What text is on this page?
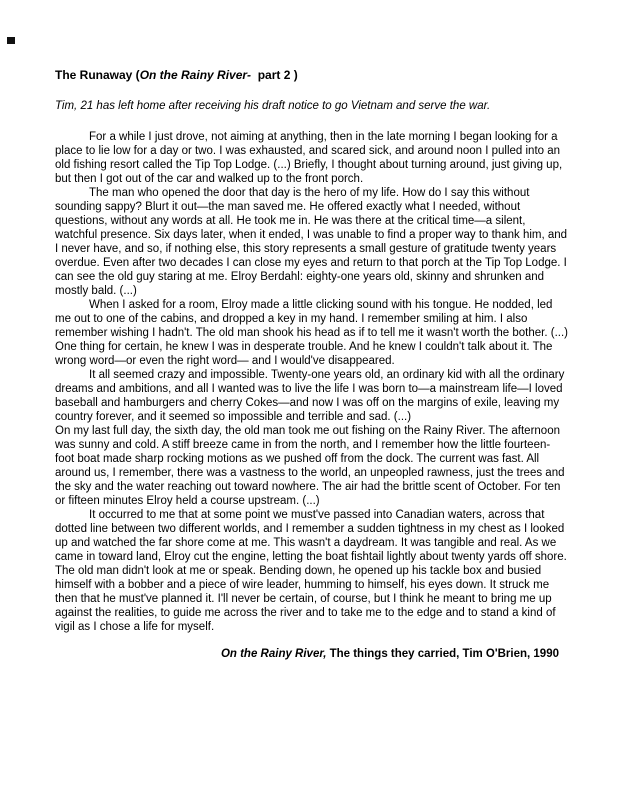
The Runaway (On the Rainy River-  part 2 )

Tim, 21 has left home after receiving his draft notice to go Vietnam and serve the war.

For a while I just drove, not aiming at anything, then in the late morning I began looking for a place to lie low for a day or two. I was exhausted, and scared sick, and around noon I pulled into an old fishing resort called the Tip Top Lodge. (...) Briefly, I thought about turning around, just giving up, but then I got out of the car and walked up to the front porch.

The man who opened the door that day is the hero of my life. How do I say this without sounding sappy? Blurt it out—the man saved me. He offered exactly what I needed, without questions, without any words at all. He took me in. He was there at the critical time—a silent, watchful presence. Six days later, when it ended, I was unable to find a proper way to thank him, and I never have, and so, if nothing else, this story represents a small gesture of gratitude twenty years overdue. Even after two decades I can close my eyes and return to that porch at the Tip Top Lodge. I can see the old guy staring at me. Elroy Berdahl: eighty-one years old, skinny and shrunken and mostly bald. (...)

When I asked for a room, Elroy made a little clicking sound with his tongue. He nodded, led me out to one of the cabins, and dropped a key in my hand. I remember smiling at him. I also remember wishing I hadn't. The old man shook his head as if to tell me it wasn't worth the bother. (...) One thing for certain, he knew I was in desperate trouble. And he knew I couldn't talk about it. The wrong word—or even the right word— and I would've disappeared.

It all seemed crazy and impossible. Twenty-one years old, an ordinary kid with all the ordinary dreams and ambitions, and all I wanted was to live the life I was born to—a mainstream life—I loved baseball and hamburgers and cherry Cokes—and now I was off on the margins of exile, leaving my country forever, and it seemed so impossible and terrible and sad. (...)

On my last full day, the sixth day, the old man took me out fishing on the Rainy River. The afternoon was sunny and cold. A stiff breeze came in from the north, and I remember how the little fourteen-foot boat made sharp rocking motions as we pushed off from the dock. The current was fast. All around us, I remember, there was a vastness to the world, an unpeopled rawness, just the trees and the sky and the water reaching out toward nowhere. The air had the brittle scent of October. For ten or fifteen minutes Elroy held a course upstream. (...)

It occurred to me that at some point we must've passed into Canadian waters, across that dotted line between two different worlds, and I remember a sudden tightness in my chest as I looked up and watched the far shore come at me. This wasn't a daydream. It was tangible and real. As we came in toward land, Elroy cut the engine, letting the boat fishtail lightly about twenty yards off shore. The old man didn't look at me or speak. Bending down, he opened up his tackle box and busied himself with a bobber and a piece of wire leader, humming to himself, his eyes down. It struck me then that he must've planned it. I'll never be certain, of course, but I think he meant to bring me up against the realities, to guide me across the river and to take me to the edge and to stand a kind of vigil as I chose a life for myself.

On the Rainy River, The things they carried, Tim O'Brien, 1990
